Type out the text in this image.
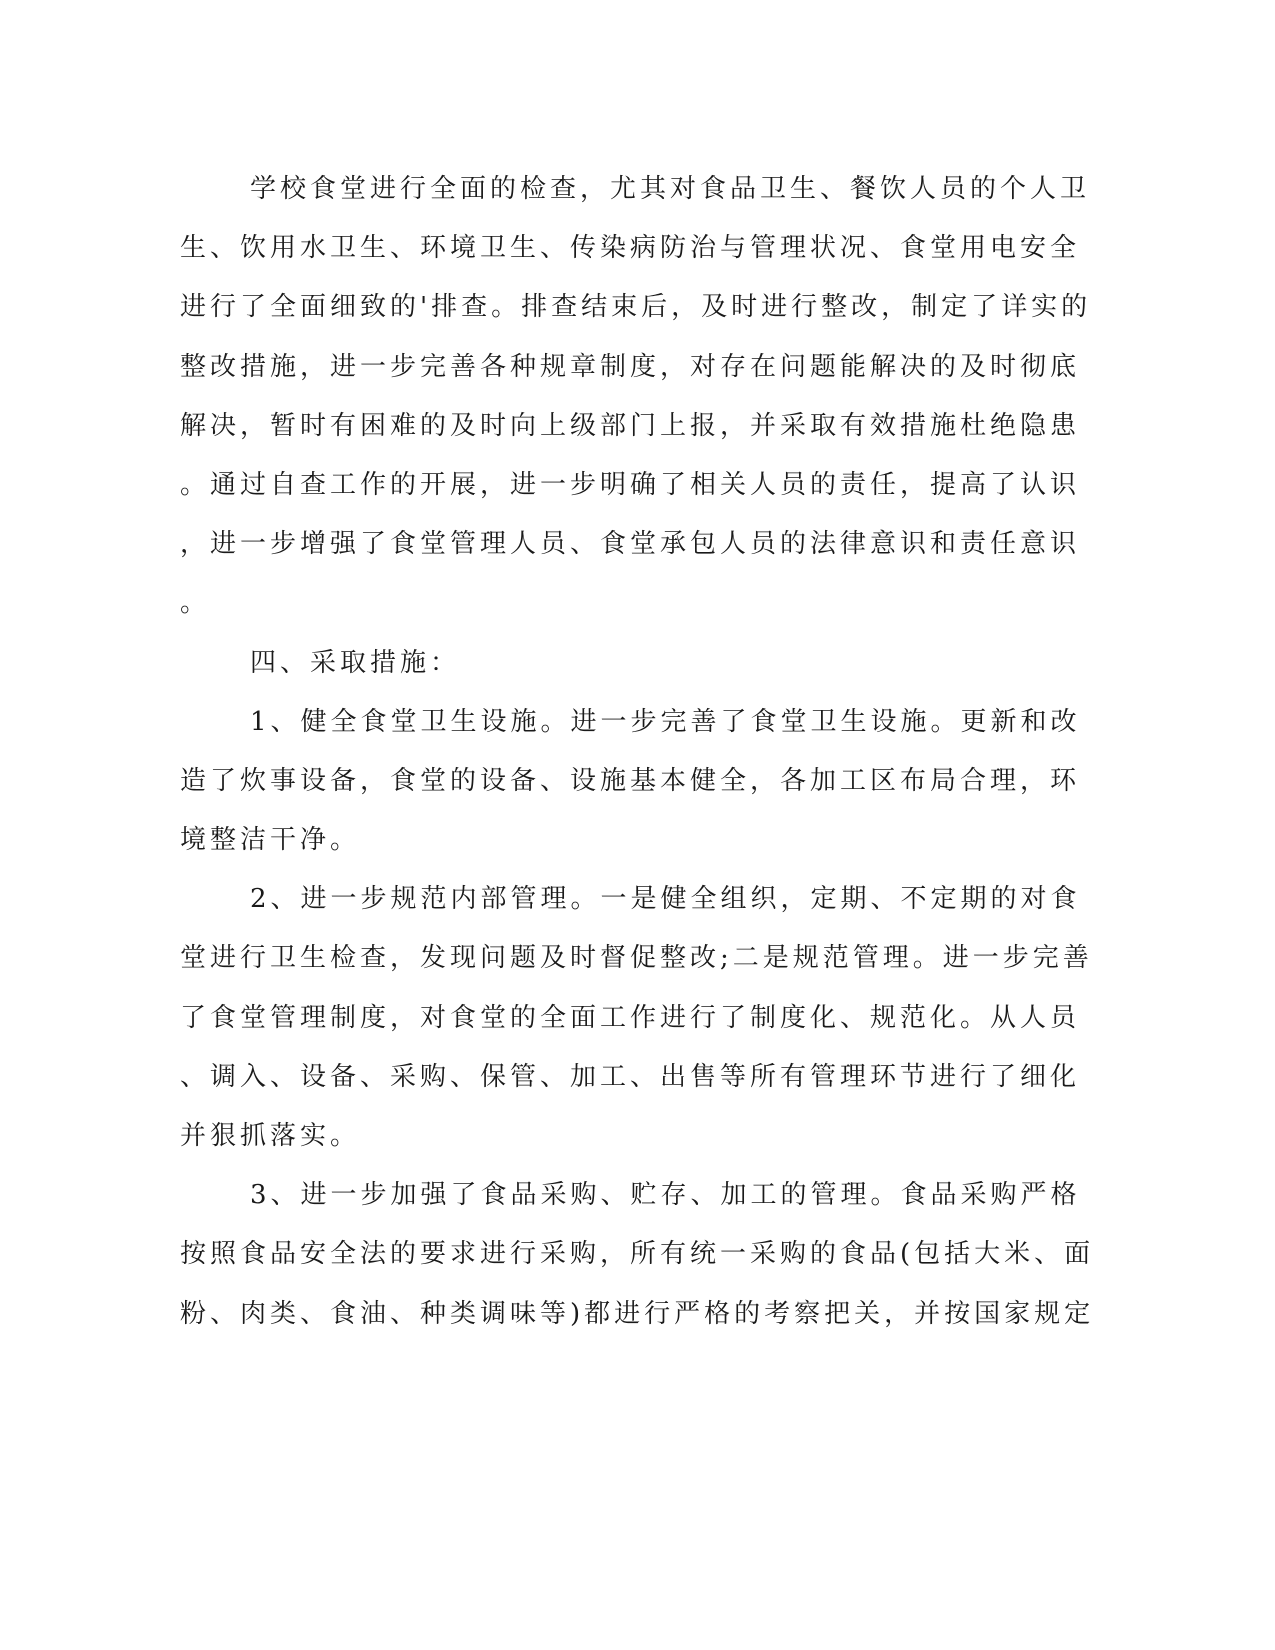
学校食堂进行全面的检查，尤其对食品卫生、餐饮人员的个人卫
生、饮用水卫生、环境卫生、传染病防治与管理状况、食堂用电安全
进行了全面细致的'排查。排查结束后，及时进行整改，制定了详实的
整改措施，进一步完善各种规章制度，对存在问题能解决的及时彻底
解决，暂时有困难的及时向上级部门上报，并采取有效措施杜绝隐患
。通过自查工作的开展，进一步明确了相关人员的责任，提高了认识
，进一步增强了食堂管理人员、食堂承包人员的法律意识和责任意识
。
四、采取措施：
1、健全食堂卫生设施。进一步完善了食堂卫生设施。更新和改
造了炊事设备，食堂的设备、设施基本健全，各加工区布局合理，环
境整洁干净。
2、进一步规范内部管理。一是健全组织，定期、不定期的对食
堂进行卫生检查，发现问题及时督促整改;二是规范管理。进一步完善
了食堂管理制度，对食堂的全面工作进行了制度化、规范化。从人员
、调入、设备、采购、保管、加工、出售等所有管理环节进行了细化
并狠抓落实。
3、进一步加强了食品采购、贮存、加工的管理。食品采购严格
按照食品安全法的要求进行采购，所有统一采购的食品(包括大米、面
粉、肉类、食油、种类调味等)都进行严格的考察把关，并按国家规定
